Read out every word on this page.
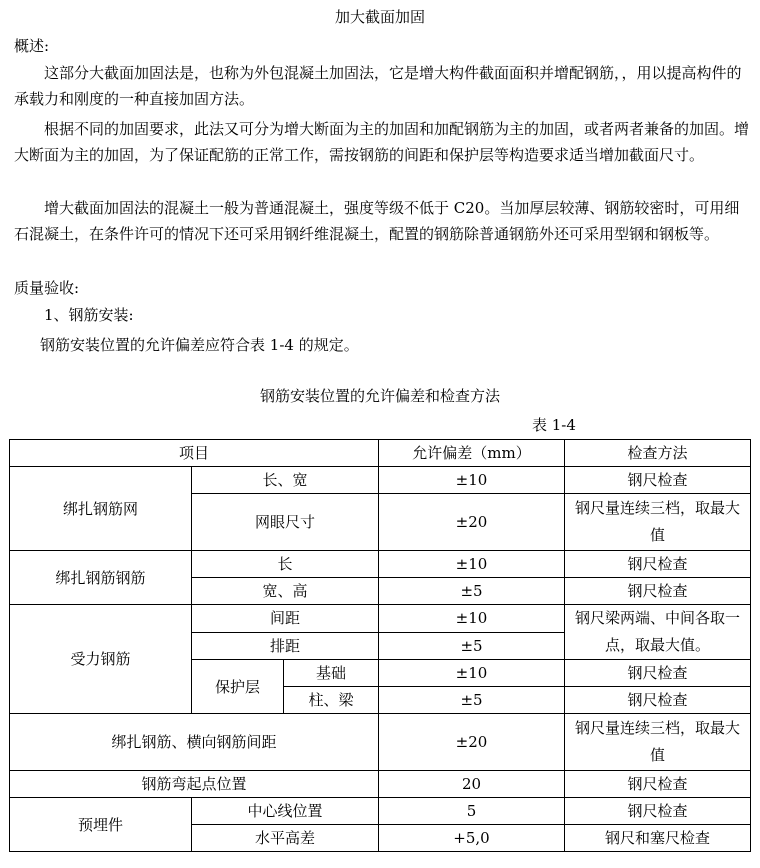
加大截面加固
概述:
这部分大截面加固法是，也称为外包混凝土加固法，它是增大构件截面面积并增配钢筋，，用以提高构件的承载力和刚度的一种直接加固方法。
根据不同的加固要求，此法又可分为增大断面为主的加固和加配钢筋为主的加固，或者两者兼备的加固。增大断面为主的加固，为了保证配筋的正常工作，需按钢筋的间距和保护层等构造要求适当增加截面尺寸。
增大截面加固法的混凝土一般为普通混凝土，强度等级不低于 C20。当加厚层较薄、钢筋较密时，可用细石混凝土，在条件许可的情况下还可采用钢纤维混凝土，配置的钢筋除普通钢筋外还可采用型钢和钢板等。
质量验收:
1、钢筋安装:
钢筋安装位置的允许偏差应符合表 1-4 的规定。
钢筋安装位置的允许偏差和检查方法
表 1-4
项目			允许偏差（mm）	检查方法
绑扎钢筋网	长、宽		±10	钢尺检查
	网眼尺寸		±20	钢尺量连续三档，取最大值
绑扎钢筋钢筋	长		±10	钢尺检查
	宽、高		±5	钢尺检查
受力钢筋	间距		±10	钢尺梁两端、中间各取一点，取最大值。
	排距		±5	
	保护层	基础	±10	钢尺检查
		柱、梁	±5	钢尺检查
绑扎钢筋、横向钢筋间距			±20	钢尺量连续三档，取最大值
钢筋弯起点位置			20	钢尺检查
预埋件	中心线位置		5	钢尺检查
	水平高差		+5,0	钢尺和塞尺检查
